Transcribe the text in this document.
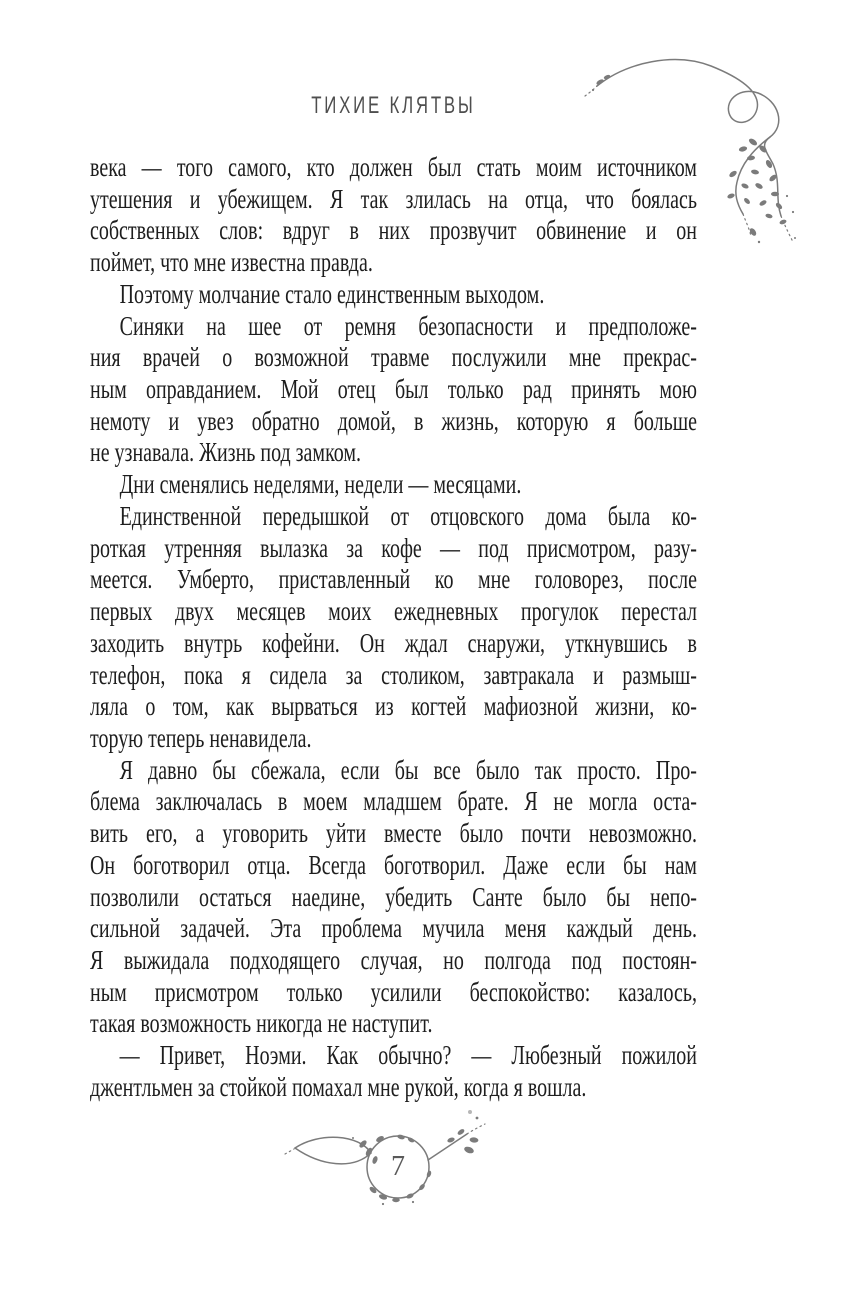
ТИХИЕ КЛЯТВЫ
века — того самого, кто должен был стать моим источником
утешения и убежищем. Я так злилась на отца, что боялась
собственных слов: вдруг в них прозвучит обвинение и он
поймет, что мне известна правда.
Поэтому молчание стало единственным выходом.
Синяки на шее от ремня безопасности и предположе-
ния врачей о возможной травме послужили мне прекрас-
ным оправданием. Мой отец был только рад принять мою
немоту и увез обратно домой, в жизнь, которую я больше
не узнавала. Жизнь под замком.
Дни сменялись неделями, недели — месяцами.
Единственной передышкой от отцовского дома была ко-
роткая утренняя вылазка за кофе — под присмотром, разу-
меется. Умберто, приставленный ко мне головорез, после
первых двух месяцев моих ежедневных прогулок перестал
заходить внутрь кофейни. Он ждал снаружи, уткнувшись в
телефон, пока я сидела за столиком, завтракала и размыш-
ляла о том, как вырваться из когтей мафиозной жизни, ко-
торую теперь ненавидела.
Я давно бы сбежала, если бы все было так просто. Про-
блема заключалась в моем младшем брате. Я не могла оста-
вить его, а уговорить уйти вместе было почти невозможно.
Он боготворил отца. Всегда боготворил. Даже если бы нам
позволили остаться наедине, убедить Санте было бы непо-
сильной задачей. Эта проблема мучила меня каждый день.
Я выжидала подходящего случая, но полгода под постоян-
ным присмотром только усилили беспокойство: казалось,
такая возможность никогда не наступит.
— Привет, Ноэми. Как обычно? — Любезный пожилой
джентльмен за стойкой помахал мне рукой, когда я вошла.
7
